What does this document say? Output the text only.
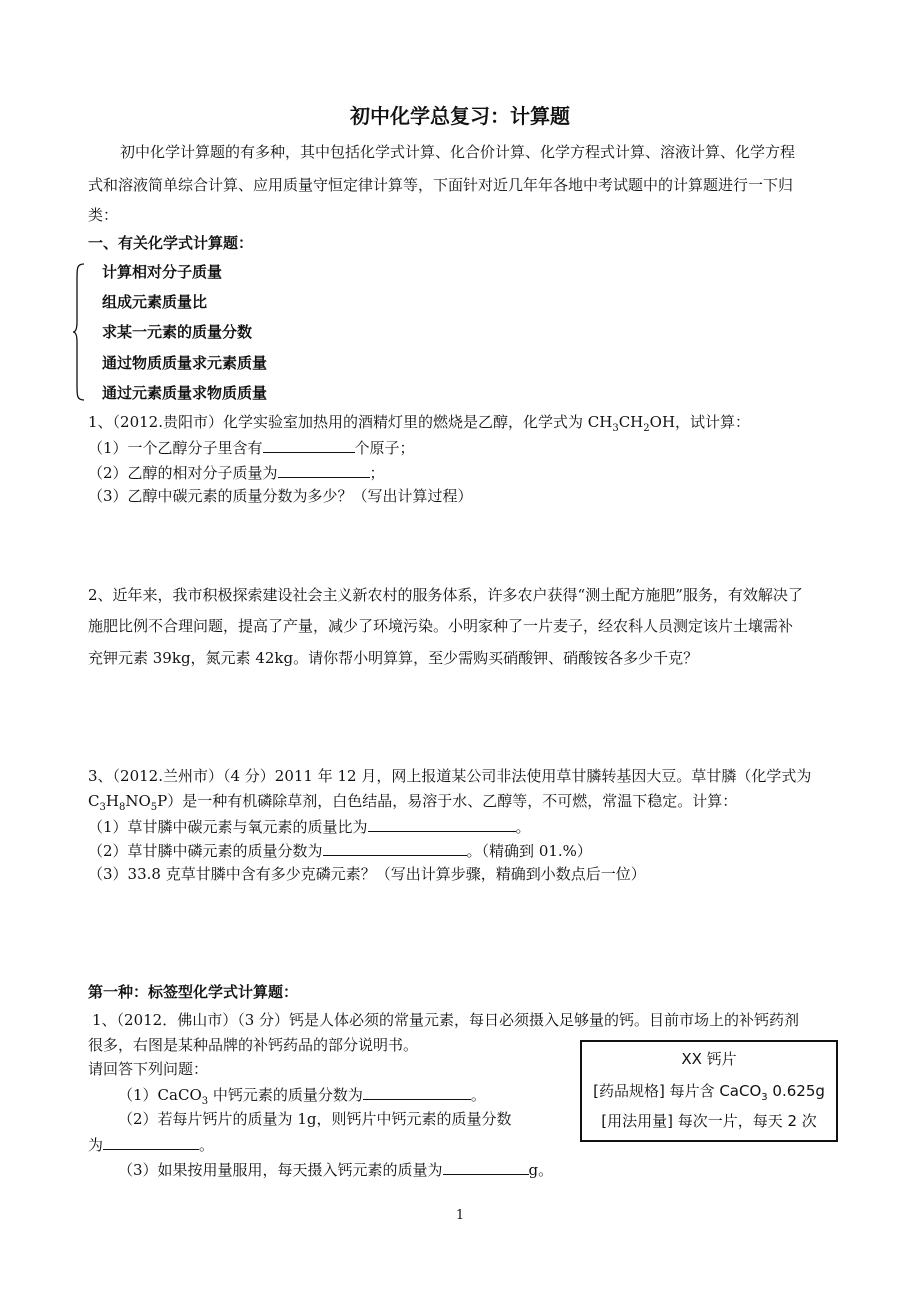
初中化学总复习：计算题
初中化学计算题的有多种，其中包括化学式计算、化合价计算、化学方程式计算、溶液计算、化学方程
式和溶液简单综合计算、应用质量守恒定律计算等，下面针对近几年年各地中考试题中的计算题进行一下归
类：
一、有关化学式计算题：
计算相对分子质量
组成元素质量比
求某一元素的质量分数
通过物质质量求元素质量
通过元素质量求物质质量
1、（2012.贵阳市）化学实验室加热用的酒精灯里的燃烧是乙醇，化学式为 $CH_3CH_2OH$，试计算：
（1）一个乙醇分子里含有	个原子；
（2）乙醇的相对分子质量为	；
（3）乙醇中碳元素的质量分数为多少？（写出计算过程）
2、近年来，我市积极探索建设社会主义新农村的服务体系，许多农户获得“测土配方施肥”服务，有效解决了
施肥比例不合理问题，提高了产量，减少了环境污染。小明家种了一片麦子，经农科人员测定该片土壤需补
充钾元素 39kg，氮元素 42kg。请你帮小明算算，至少需购买硝酸钾、硝酸铵各多少千克？
3、（2012.兰州市）（4 分）2011 年 12 月，网上报道某公司非法使用草甘膦转基因大豆。草甘膦（化学式为
$C_3H_8NO_5P$）是一种有机磷除草剂，白色结晶，易溶于水、乙醇等，不可燃，常温下稳定。计算：
（1）草甘膦中碳元素与氧元素的质量比为	。
（2）草甘膦中磷元素的质量分数为	。（精确到 01.%）
（3）33.8 克草甘膦中含有多少克磷元素？（写出计算步骤，精确到小数点后一位）
第一种：标签型化学式计算题：
1、（2012．佛山市）（3 分）钙是人体必须的常量元素，每日必须摄入足够量的钙。目前市场上的补钙药剂
很多，右图是某种品牌的补钙药品的部分说明书。
请回答下列问题：
（1）CaCO$_3$ 中钙元素的质量分数为	。
（2）若每片钙片的质量为 1g，则钙片中钙元素的质量分数
为	。
（3）如果按用量服用，每天摄入钙元素的质量为	g。
XX 钙片
[药品规格] 每片含 CaCO$_3$ 0.625g
[用法用量] 每次一片，每天 2 次
1
